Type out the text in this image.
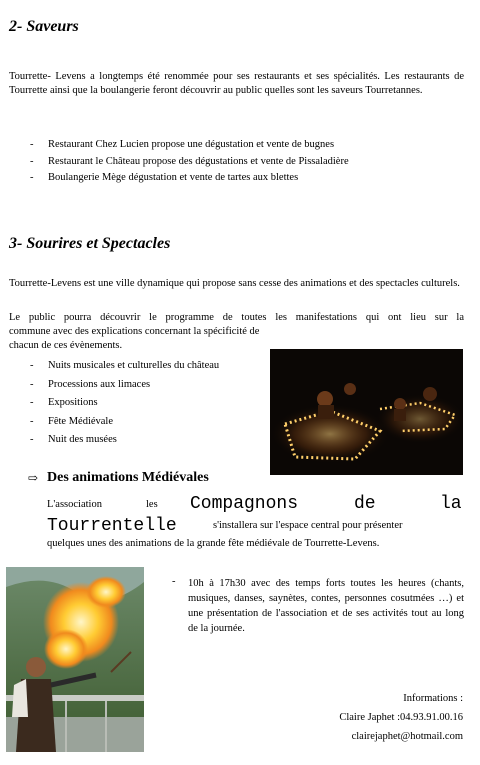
2- Saveurs

Tourrette- Levens a longtemps été renommée pour ses restaurants et ses spécialités. Les restaurants de Tourrette ainsi que la boulangerie feront découvrir au public quelles sont les saveurs Tourretannes.

- Restaurant Chez Lucien propose une dégustation et vente de bugnes
- Restaurant le Château propose des dégustations et vente de Pissaladière
- Boulangerie Mège dégustation et vente de tartes aux blettes
3- Sourires et Spectacles

Tourrette-Levens est une ville dynamique qui propose sans cesse des animations et des spectacles culturels.

Le public pourra découvrir le programme de toutes les manifestations qui ont lieu sur la
commune avec des explications concernant la spécificité de
chacun de ces évènements.
- Nuits musicales et culturelles du château
- Processions aux limaces
- Expositions
- Fête Médiévale
- Nuit des musées
⇨ Des animations Médiévales
L'association	les Compagnons	de	la
Tourrentelle	s'installera sur l'espace central pour présenter
quelques unes des animations de la grande fête médiévale de Tourrette-Levens.
- 10h à 17h30 avec des temps forts toutes les heures (chants, musiques, danses, saynètes, contes, personnes cosutmées …) et une présentation de l'association et de ses activités tout au long de la journée.

Informations :
Claire Japhet :04.93.91.00.16
clairejaphet@hotmail.com
